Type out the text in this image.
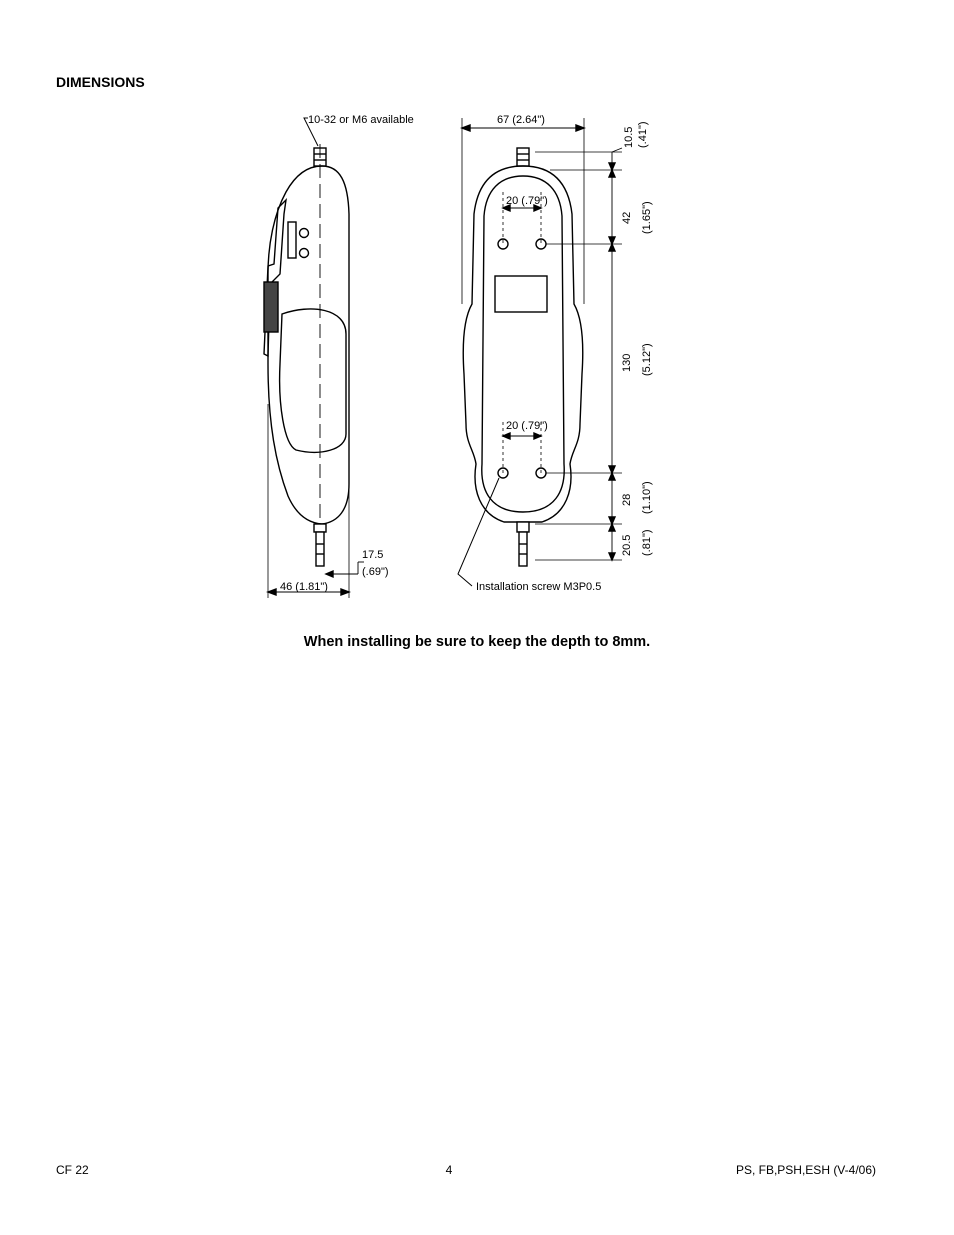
DIMENSIONS
10-32 or M6 available	67 (2.64")
20 (.79")
20 (.79")
10.5 (.41")
42 (1.65")
130 (5.12")
28 (1.10")
20.5 (.81")
46 (1.81")
17.5
(.69")
Installation screw M3P0.5
When installing be sure to keep the depth to 8mm.
CF 22	4	PS, FB,PSH,ESH (V-4/06)
